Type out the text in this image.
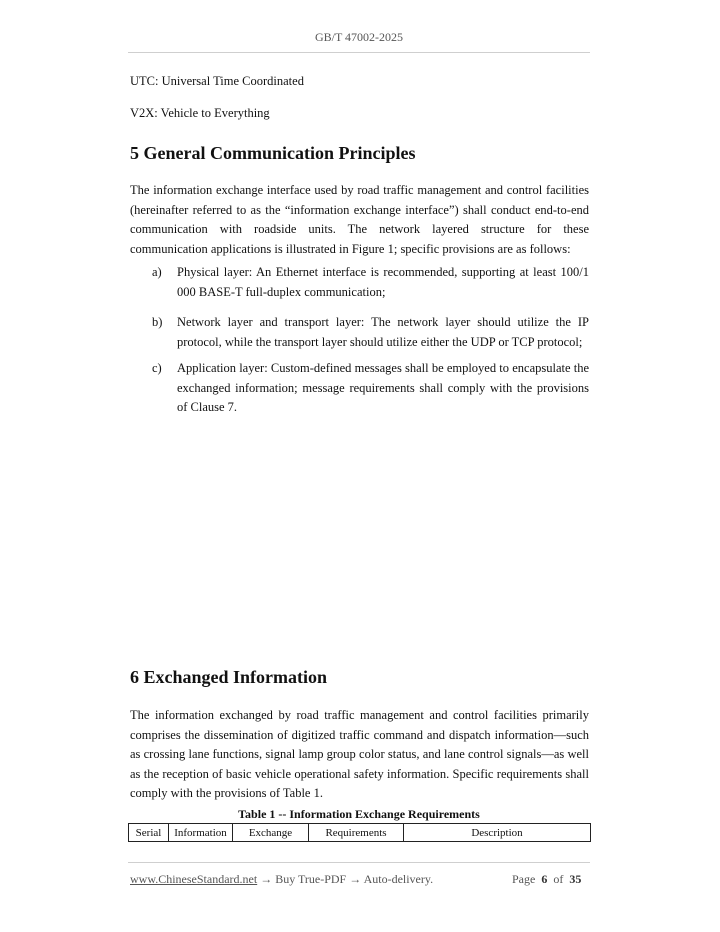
GB/T 47002-2025
UTC: Universal Time Coordinated
V2X: Vehicle to Everything
5 General Communication Principles

The information exchange interface used by road traffic management and control facilities (hereinafter referred to as the “information exchange interface”) shall conduct end-to-end communication with roadside units. The network layered structure for these communication applications is illustrated in Figure 1; specific provisions are as follows:

a) Physical layer: An Ethernet interface is recommended, supporting at least 100/1 000 BASE-T full-duplex communication;
b) Network layer and transport layer: The network layer should utilize the IP protocol, while the transport layer should utilize either the UDP or TCP protocol;
c) Application layer: Custom-defined messages shall be employed to encapsulate the exchanged information; message requirements shall comply with the provisions of Clause 7.
6 Exchanged Information

The information exchanged by road traffic management and control facilities primarily comprises the dissemination of digitized traffic command and dispatch information—such as crossing lane functions, signal lamp group color status, and lane control signals—as well as the reception of basic vehicle operational safety information. Specific requirements shall comply with the provisions of Table 1.

Table 1 -- Information Exchange Requirements
Serial	Information	Exchange	Requirements	Description
www.ChineseStandard.net → Buy True-PDF → Auto-delivery.	Page 6 of 35
